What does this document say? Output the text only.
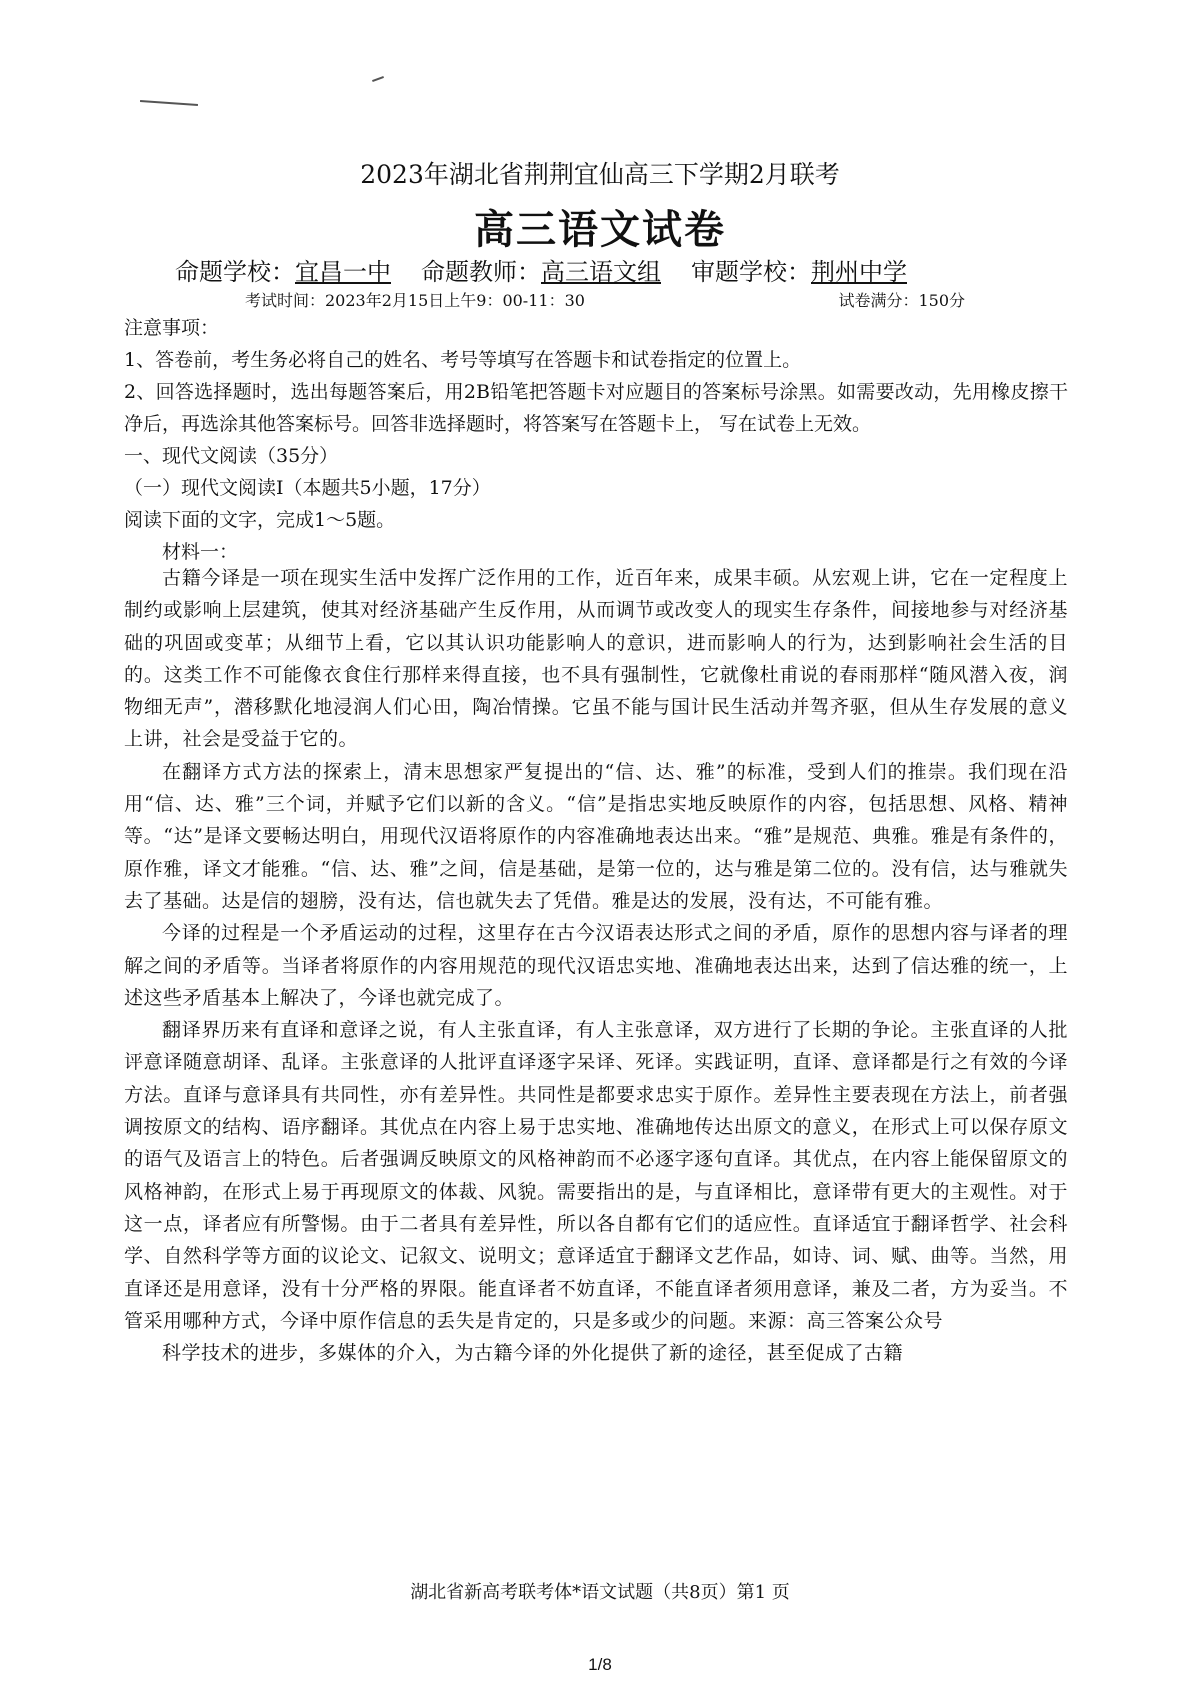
2023年湖北省荆荆宜仙高三下学期2月联考
高三语文试卷
命题学校：宜昌一中 命题教师：高三语文组 审题学校：荆州中学
考试时间：2023年2月15日上午9：00-11：30	试卷满分：150分

注意事项：

1、答卷前，考生务必将自己的姓名、考号等填写在答题卡和试卷指定的位置上。

2、回答选择题时，选出每题答案后，用2B铅笔把答题卡对应题目的答案标号涂黑。如需要改动，先用橡皮擦干净后，再选涂其他答案标号。回答非选择题时，将答案写在答题卡上， 写在试卷上无效。

一、现代文阅读（35分）

（一）现代文阅读Ⅰ（本题共5小题，17分）

阅读下面的文字，完成1～5题。

材料一：

古籍今译是一项在现实生活中发挥广泛作用的工作，近百年来，成果丰硕。从宏观上讲，它在一定程度上制约或影响上层建筑，使其对经济基础产生反作用，从而调节或改变人的现实生存条件，间接地参与对经济基础的巩固或变革；从细节上看，它以其认识功能影响人的意识，进而影响人的行为，达到影响社会生活的目的。这类工作不可能像衣食住行那样来得直接，也不具有强制性，它就像杜甫说的春雨那样“随风潜入夜，润物细无声”，潜移默化地浸润人们心田，陶冶情操。它虽不能与国计民生活动并驾齐驱，但从生存发展的意义上讲，社会是受益于它的。

在翻译方式方法的探索上，清末思想家严复提出的“信、达、雅”的标准，受到人们的推崇。我们现在沿用“信、达、雅”三个词，并赋予它们以新的含义。“信”是指忠实地反映原作的内容，包括思想、风格、精神等。“达”是译文要畅达明白，用现代汉语将原作的内容准确地表达出来。“雅”是规范、典雅。雅是有条件的，原作雅，译文才能雅。“信、达、雅”之间，信是基础，是第一位的，达与雅是第二位的。没有信，达与雅就失去了基础。达是信的翅膀，没有达，信也就失去了凭借。雅是达的发展，没有达，不可能有雅。

今译的过程是一个矛盾运动的过程，这里存在古今汉语表达形式之间的矛盾，原作的思想内容与译者的理解之间的矛盾等。当译者将原作的内容用规范的现代汉语忠实地、准确地表达出来，达到了信达雅的统一，上述这些矛盾基本上解决了，今译也就完成了。

翻译界历来有直译和意译之说，有人主张直译，有人主张意译，双方进行了长期的争论。主张直译的人批评意译随意胡译、乱译。主张意译的人批评直译逐字呆译、死译。实践证明，直译、意译都是行之有效的今译方法。直译与意译具有共同性，亦有差异性。共同性是都要求忠实于原作。差异性主要表现在方法上，前者强调按原文的结构、语序翻译。其优点在内容上易于忠实地、准确地传达出原文的意义，在形式上可以保存原文的语气及语言上的特色。后者强调反映原文的风格神韵而不必逐字逐句直译。其优点，在内容上能保留原文的风格神韵，在形式上易于再现原文的体裁、风貌。需要指出的是，与直译相比，意译带有更大的主观性。对于这一点，译者应有所警惕。由于二者具有差异性，所以各自都有它们的适应性。直译适宜于翻译哲学、社会科学、自然科学等方面的议论文、记叙文、说明文；意译适宜于翻译文艺作品，如诗、词、赋、曲等。当然，用直译还是用意译，没有十分严格的界限。能直译者不妨直译，不能直译者须用意译，兼及二者，方为妥当。不管采用哪种方式，今译中原作信息的丢失是肯定的，只是多或少的问题。来源：高三答案公众号

科学技术的进步，多媒体的介入，为古籍今译的外化提供了新的途径，甚至促成了古籍

湖北省新高考联考体*语文试题（共8页）第1 页
1/8
